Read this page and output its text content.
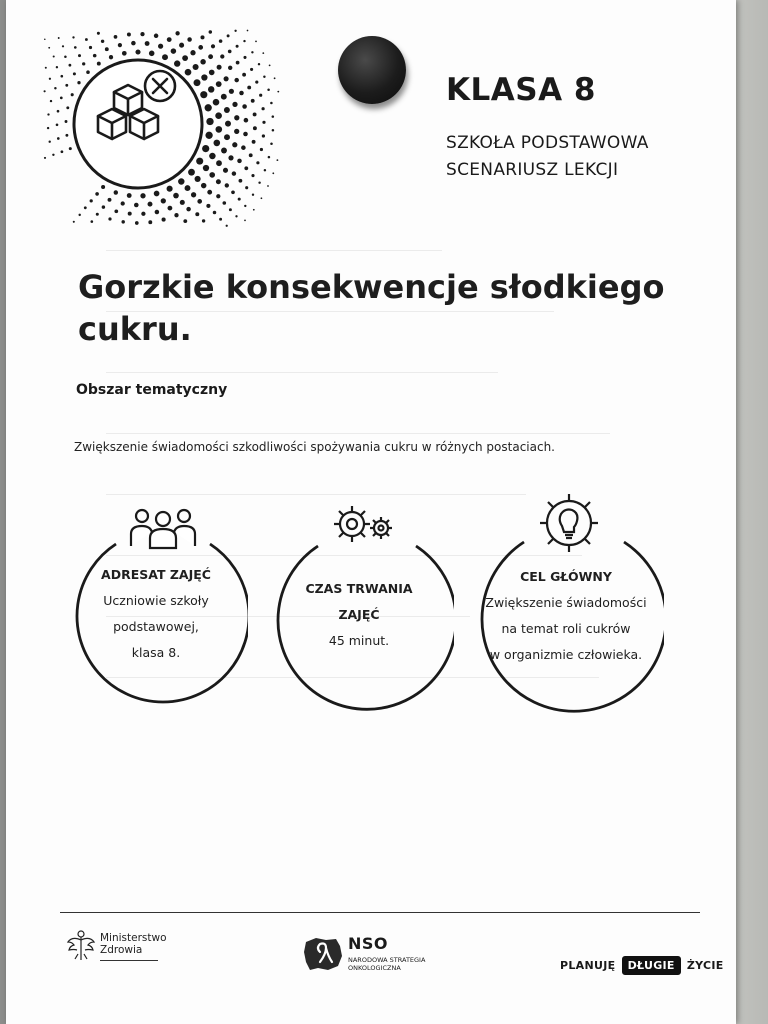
KLASA 8
SZKOŁA PODSTAWOWA
SCENARIUSZ LEKCJI
Gorzkie konsekwencje słodkiego
cukru.
Obszar tematyczny
Zwiększenie świadomości szkodliwości spożywania cukru w różnych postaciach.
ADRESAT ZAJĘĆ
Uczniowie szkoły
podstawowej,
klasa 8.
CZAS TRWANIA
ZAJĘĆ
45 minut.
CEL GŁÓWNY
Zwiększenie świadomości
na temat roli cukrów
w organizmie człowieka.
Ministerstwo
Zdrowia	NSO
NARODOWA STRATEGIA
ONKOLOGICZNA	PLANUJĘ DŁUGIE ŻYCIE
